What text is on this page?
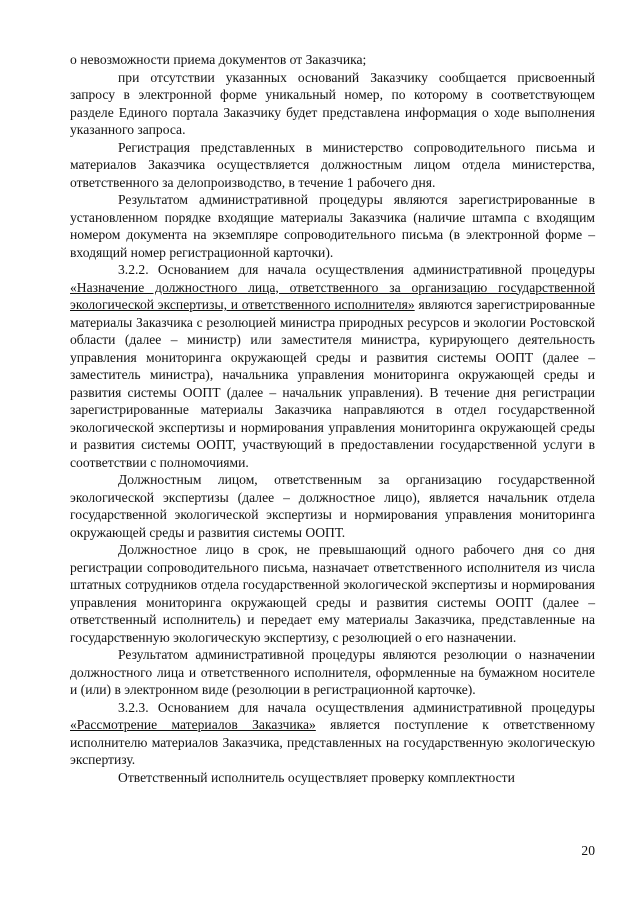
о невозможности приема документов от Заказчика;

при отсутствии указанных оснований Заказчику сообщается присвоенный запросу в электронной форме уникальный номер, по которому в соответствующем разделе Единого портала Заказчику будет представлена информация о ходе выполнения указанного запроса.

Регистрация представленных в министерство сопроводительного письма и материалов Заказчика осуществляется должностным лицом отдела министерства, ответственного за делопроизводство, в течение 1 рабочего дня.

Результатом административной процедуры являются зарегистрированные в установленном порядке входящие материалы Заказчика (наличие штампа с входящим номером документа на экземпляре сопроводительного письма (в электронной форме – входящий номер регистрационной карточки).

3.2.2. Основанием для начала осуществления административной процедуры «Назначение должностного лица, ответственного за организацию государственной экологической экспертизы, и ответственного исполнителя» являются зарегистрированные материалы Заказчика с резолюцией министра природных ресурсов и экологии Ростовской области (далее – министр) или заместителя министра, курирующего деятельность управления мониторинга окружающей среды и развития системы ООПТ (далее – заместитель министра), начальника управления мониторинга окружающей среды и развития системы ООПТ (далее – начальник управления). В течение дня регистрации зарегистрированные материалы Заказчика направляются в отдел государственной экологической экспертизы и нормирования управления мониторинга окружающей среды и развития системы ООПТ, участвующий в предоставлении государственной услуги в соответствии с полномочиями.

Должностным лицом, ответственным за организацию государственной экологической экспертизы (далее – должностное лицо), является начальник отдела государственной экологической экспертизы и нормирования управления мониторинга окружающей среды и развития системы ООПТ.

Должностное лицо в срок, не превышающий одного рабочего дня со дня регистрации сопроводительного письма, назначает ответственного исполнителя из числа штатных сотрудников отдела государственной экологической экспертизы и нормирования управления мониторинга окружающей среды и развития системы ООПТ (далее – ответственный исполнитель) и передает ему материалы Заказчика, представленные на государственную экологическую экспертизу, с резолюцией о его назначении.

Результатом административной процедуры являются резолюции о назначении должностного лица и ответственного исполнителя, оформленные на бумажном носителе и (или) в электронном виде (резолюции в регистрационной карточке).

3.2.3. Основанием для начала осуществления административной процедуры «Рассмотрение материалов Заказчика» является поступление к ответственному исполнителю материалов Заказчика, представленных на государственную экологическую экспертизу.

Ответственный исполнитель осуществляет проверку комплектности

20
